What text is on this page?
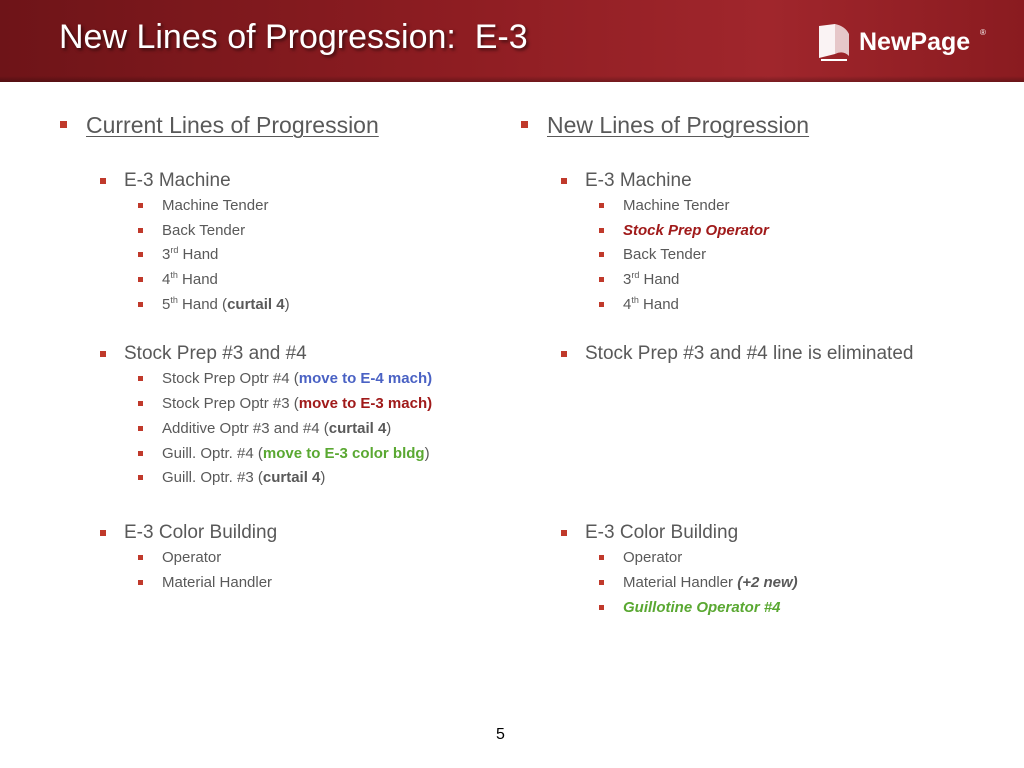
New Lines of Progression:  E-3	NewPage ®
Current Lines of Progression
E-3 Machine
Machine Tender
Back Tender
3rd Hand
4th Hand
5th Hand (curtail 4)
Stock Prep #3 and #4
Stock Prep Optr #4 (move to E-4 mach)
Stock Prep Optr #3 (move to E-3 mach)
Additive Optr #3 and #4 (curtail 4)
Guill. Optr. #4 (move to E-3 color bldg)
Guill. Optr. #3 (curtail 4)
E-3 Color Building
Operator
Material Handler
New Lines of Progression
E-3 Machine
Machine Tender
Stock Prep Operator
Back Tender
3rd Hand
4th Hand
Stock Prep #3 and #4 line is eliminated
E-3 Color Building
Operator
Material Handler (+2 new)
Guillotine Operator #4
5
